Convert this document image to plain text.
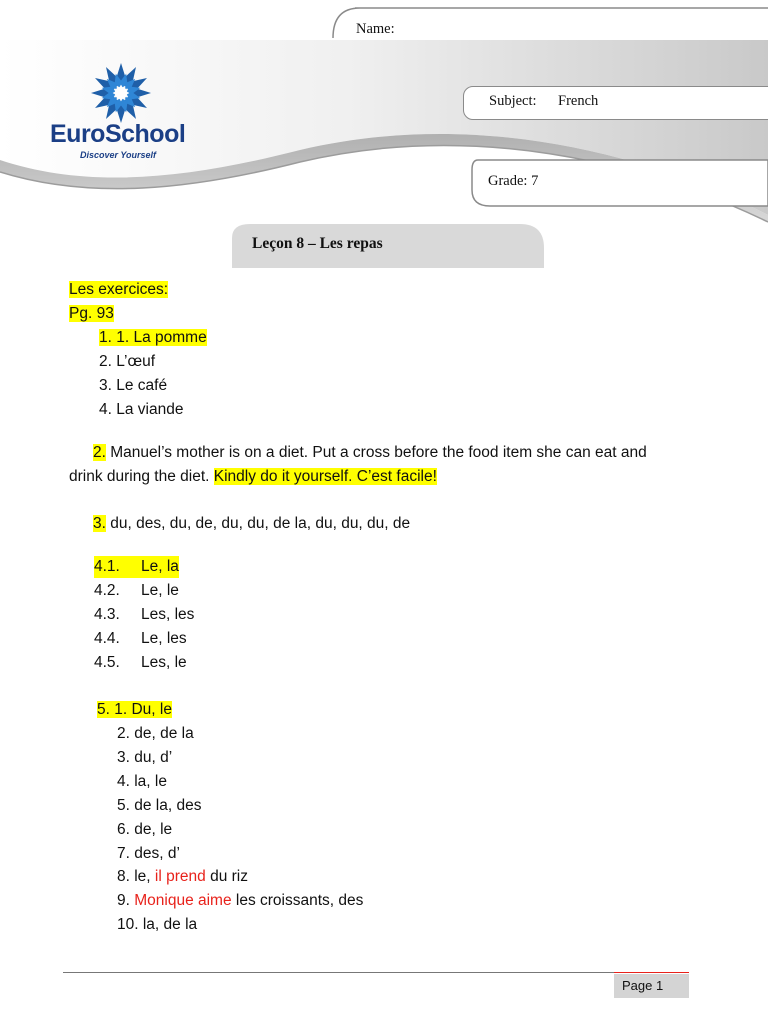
EuroSchool
Discover Yourself
Name:
Subject: French
Grade: 7
Leçon 8 – Les repas
Les exercices:
Pg. 93
1. 1. La pomme
2. L’œuf
3. Le café
4. La viande
2. Manuel’s mother is on a diet. Put a cross before the food item she can eat and
drink during the diet. Kindly do it yourself. C’est facile!
3. du, des, du, de, du, du, de la, du, du, du, de
4.1. Le, la
4.2. Le, le
4.3. Les, les
4.4. Le, les
4.5. Les, le
5. 1. Du, le
2. de, de la
3. du, d’
4. la, le
5. de la, des
6. de, le
7. des, d’
8. le, il prend du riz
9. Monique aime les croissants, des
10. la, de la
Page 1
